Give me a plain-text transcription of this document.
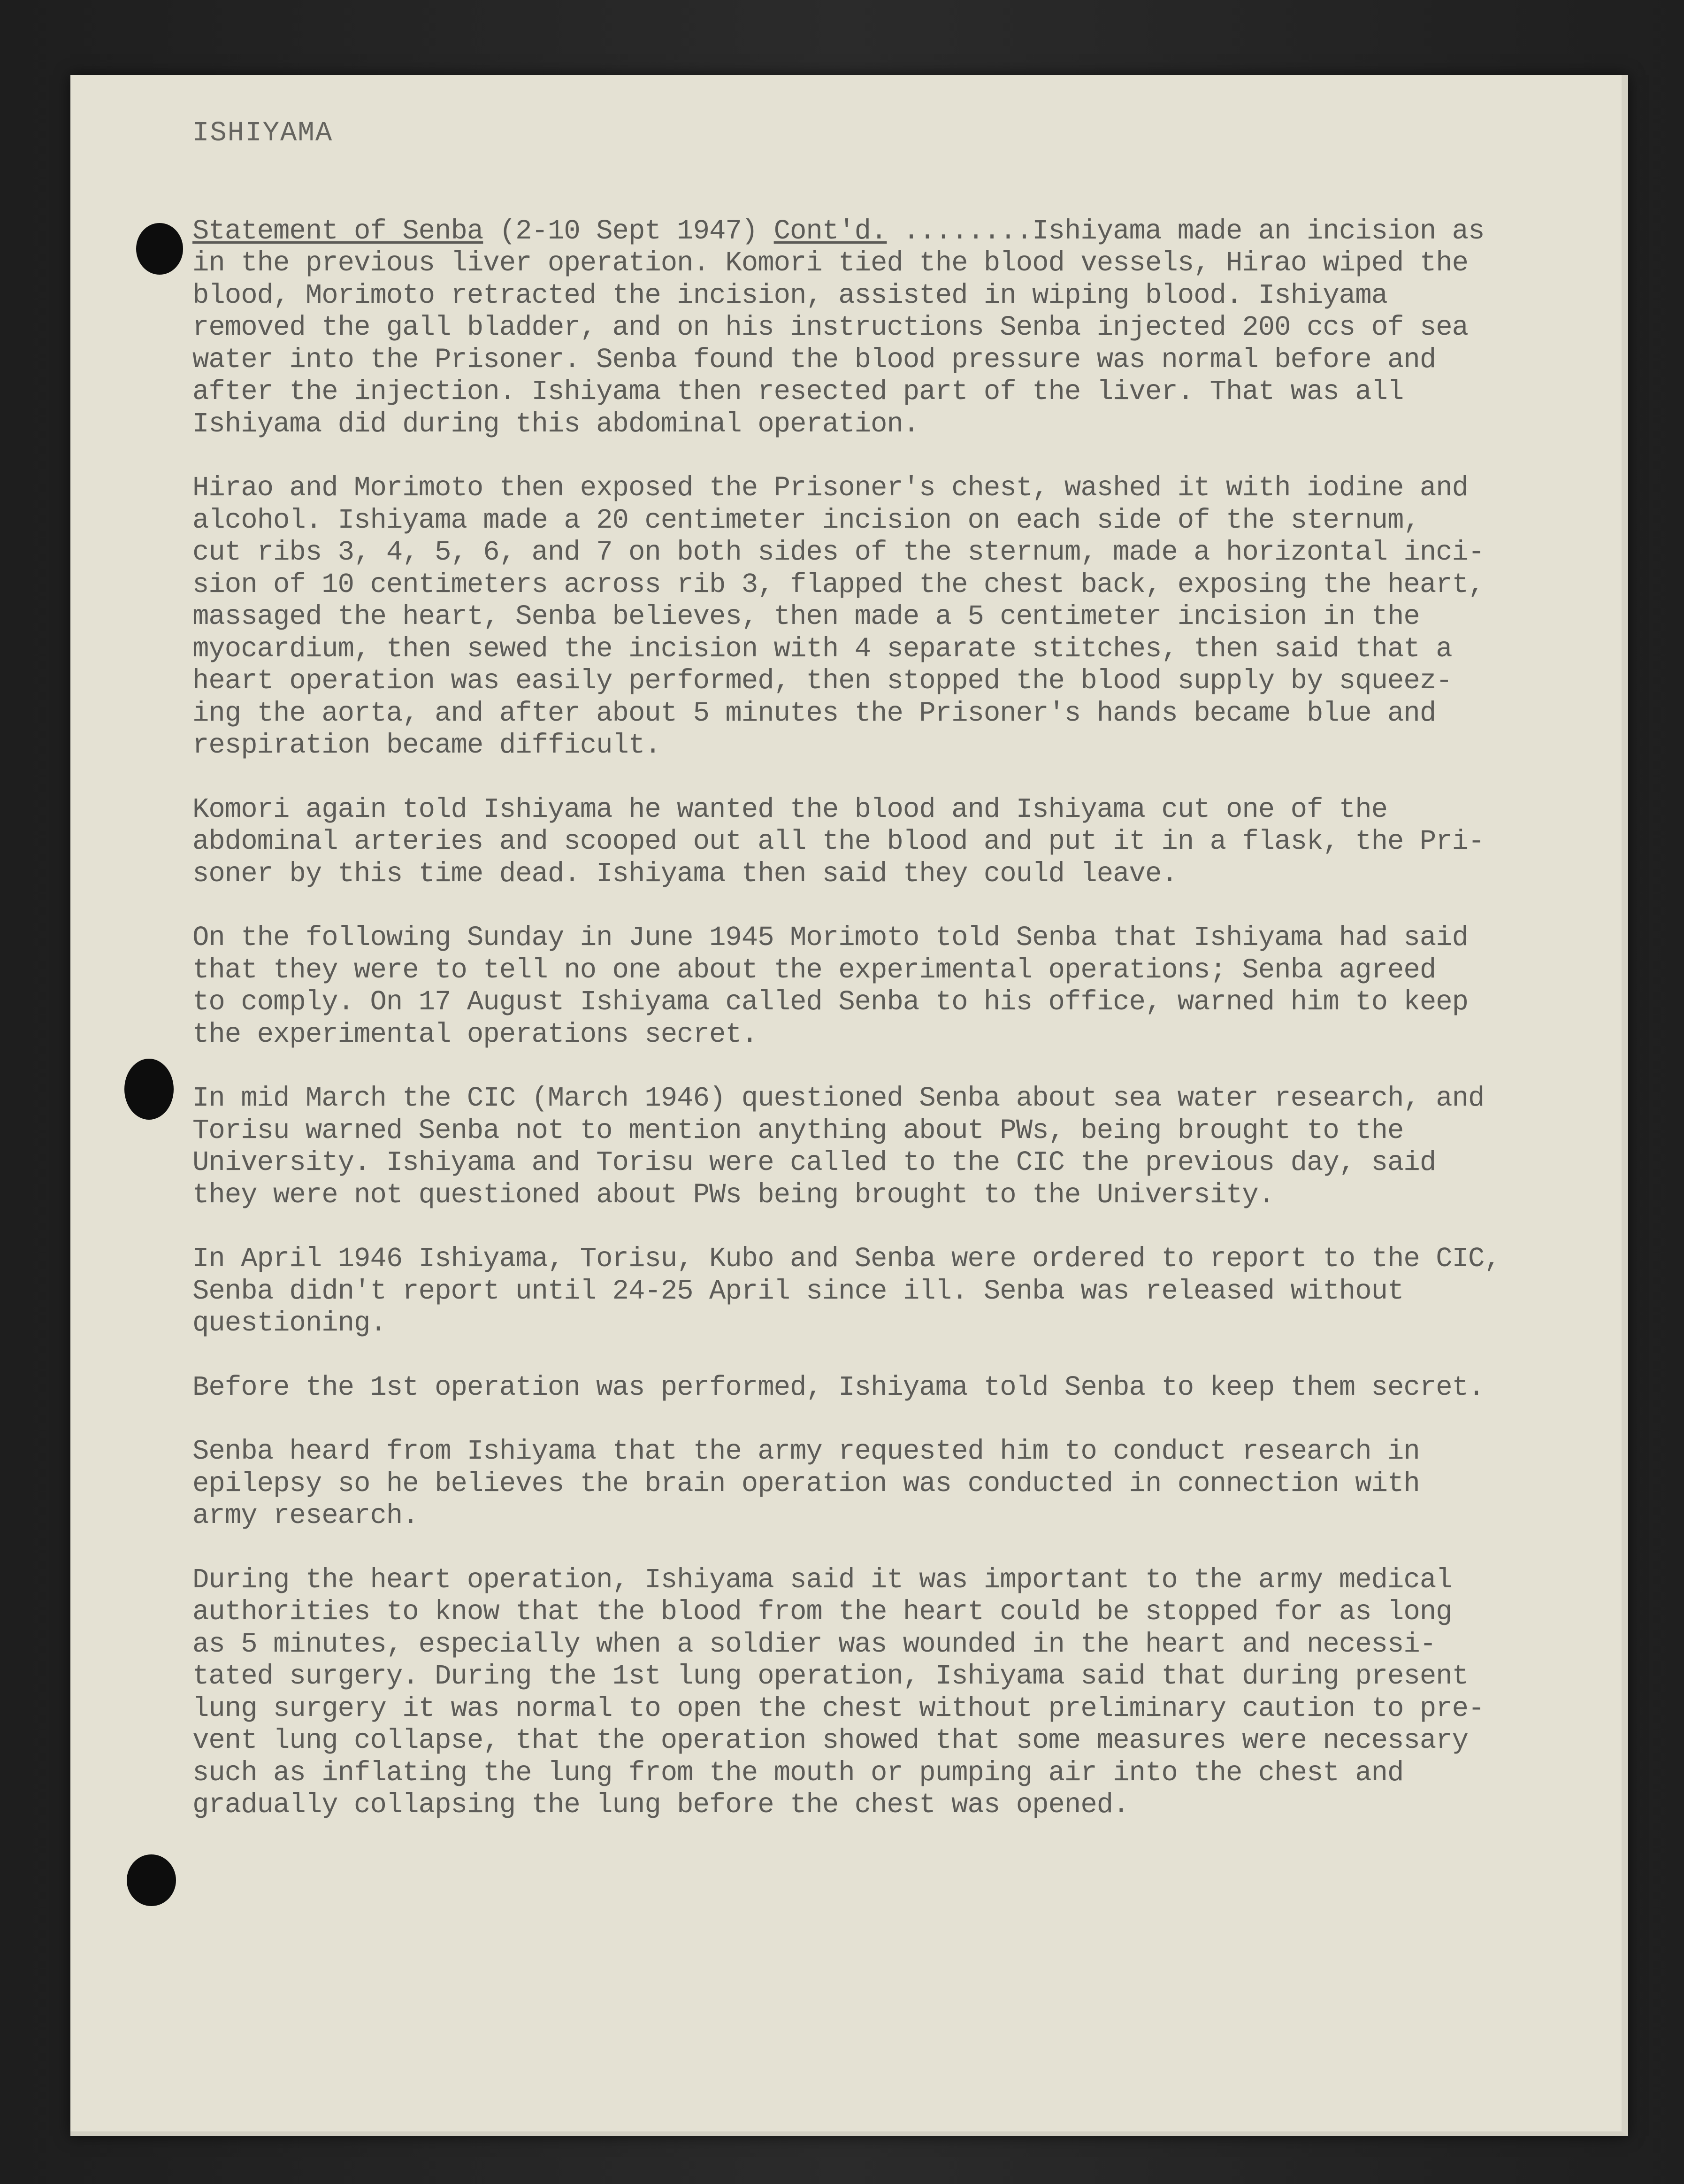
ISHIYAMA
Statement of Senba (2-10 Sept 1947) Cont'd. ........Ishiyama made an incision as
in the previous liver operation. Komori tied the blood vessels, Hirao wiped the
blood, Morimoto retracted the incision, assisted in wiping blood. Ishiyama
removed the gall bladder, and on his instructions Senba injected 200 ccs of sea
water into the Prisoner. Senba found the blood pressure was normal before and
after the injection. Ishiyama then resected part of the liver. That was all
Ishiyama did during this abdominal operation.
Hirao and Morimoto then exposed the Prisoner's chest, washed it with iodine and
alcohol. Ishiyama made a 20 centimeter incision on each side of the sternum,
cut ribs 3, 4, 5, 6, and 7 on both sides of the sternum, made a horizontal inci-
sion of 10 centimeters across rib 3, flapped the chest back, exposing the heart,
massaged the heart, Senba believes, then made a 5 centimeter incision in the
myocardium, then sewed the incision with 4 separate stitches, then said that a
heart operation was easily performed, then stopped the blood supply by squeez-
ing the aorta, and after about 5 minutes the Prisoner's hands became blue and
respiration became difficult.
Komori again told Ishiyama he wanted the blood and Ishiyama cut one of the
abdominal arteries and scooped out all the blood and put it in a flask, the Pri-
soner by this time dead. Ishiyama then said they could leave.
On the following Sunday in June 1945 Morimoto told Senba that Ishiyama had said
that they were to tell no one about the experimental operations; Senba agreed
to comply. On 17 August Ishiyama called Senba to his office, warned him to keep
the experimental operations secret.
In mid March the CIC (March 1946) questioned Senba about sea water research, and
Torisu warned Senba not to mention anything about PWs, being brought to the
University. Ishiyama and Torisu were called to the CIC the previous day, said
they were not questioned about PWs being brought to the University.
In April 1946 Ishiyama, Torisu, Kubo and Senba were ordered to report to the CIC,
Senba didn't report until 24-25 April since ill. Senba was released without
questioning.
Before the 1st operation was performed, Ishiyama told Senba to keep them secret.
Senba heard from Ishiyama that the army requested him to conduct research in
epilepsy so he believes the brain operation was conducted in connection with
army research.
During the heart operation, Ishiyama said it was important to the army medical
authorities to know that the blood from the heart could be stopped for as long
as 5 minutes, especially when a soldier was wounded in the heart and necessi-
tated surgery. During the 1st lung operation, Ishiyama said that during present
lung surgery it was normal to open the chest without preliminary caution to pre-
vent lung collapse, that the operation showed that some measures were necessary
such as inflating the lung from the mouth or pumping air into the chest and
gradually collapsing the lung before the chest was opened.
